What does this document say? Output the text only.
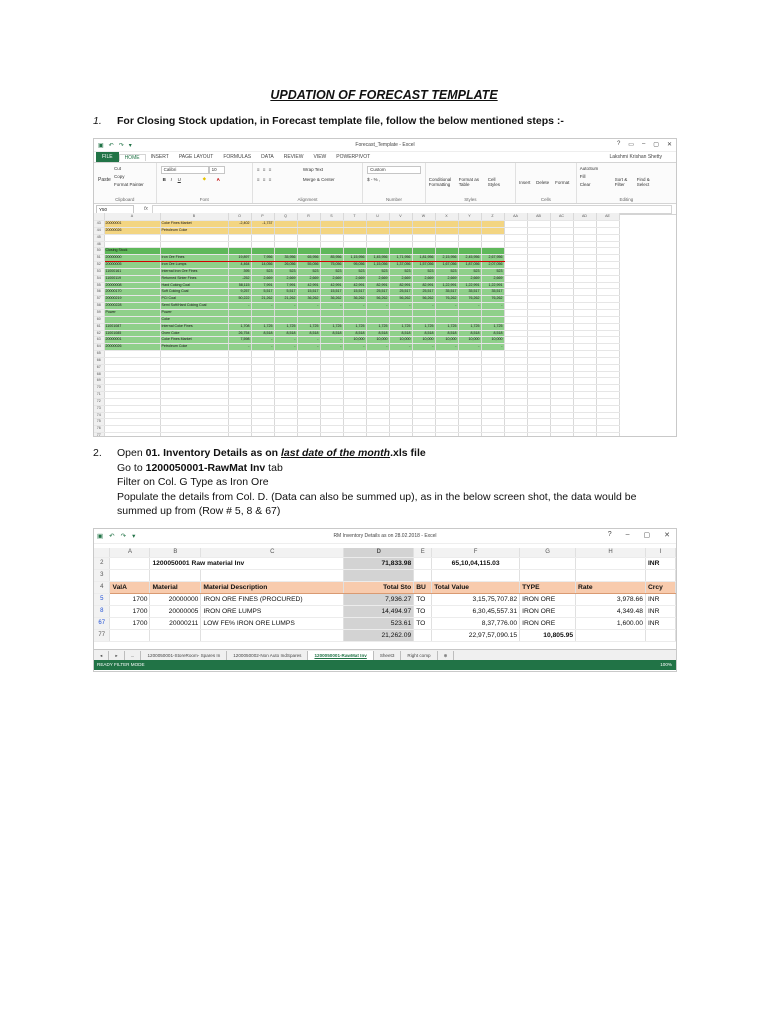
UPDATION OF FORECAST TEMPLATE
1. For Closing Stock updation, in Forecast template file, follow the below mentioned steps :-
▣ ↶ ↷ ▾	Forecast_Template - Excel	? ▭ – ▢ ✕
FILE	HOME	INSERT	PAGE LAYOUT	FORMULAS	DATA	REVIEW	VIEW	POWERPIVOT	Lakshmi Krishan Shetty
Paste
Cut
Copy
Format Painter
Clipboard
Calibri	10
B I U	A
◆
Font
≡ ≡ ≡
≡ ≡ ≡
Wrap Text
Merge & Center
Alignment
Custom
$ - % ,
Number
Conditional Formatting
Format as Table
Cell Styles
Styles
Insert Delete Format
Cells
AutoSum
Fill
Clear
Sort & Filter
Find & Select
Editing
Y50	fx
	A	B	O	P	Q	R	S	T	U	V	W	X	Y	Z	AA	AB	AC	AD	AE
43	20000001	Coke Fines Market	-2,402	-1,737															
44	20000026	Petroleum Coke																	
45																			
46																			
50	Closing Stock																		
51	20000000	Iron Ore Fines	19,897	7,956	35,956	65,956	85,956	1,15,956	1,45,956	1,71,956	1,81,956	2,15,956	2,45,956	2,67,956					
52	20000005	Iron Ore Lumps	4,464	14,056	26,056	55,056	75,056	95,056	1,15,056	1,37,056	1,57,056	1,67,056	1,87,056	2,07,056					
53	11000161	Internal Iron Ore Fines	395	523	523	523	523	523	523	523	523	523	523	523					
54	11000119	Returned Sinter Fines	-252	2,669	2,669	2,669	2,669	2,669	2,669	2,669	2,669	2,669	2,669	2,669					
55	20000008	Hard Coking Coal	58,115	7,991	7,991	42,991	42,991	42,991	82,991	82,991	82,991	1,22,991	1,22,991	1,22,991					
56	20000170	Soft Coking Coal	9,257	5,517	5,517	15,517	15,517	15,517	25,517	25,517	25,517	35,517	35,517	35,517					
57	20000219	PCI Coal	50,222	21,262	21,262	36,262	36,262	36,262	56,262	56,262	56,262	76,262	76,262	76,262					
58	20000228	Semi Soft/Hard Coking Coal	-	-	-	-	-	-	-	-	-	-	-	-					
59	Power	Power																	
60		Coke																	
61	11001087	Internal Coke Fines	1,708	1,725	1,725	1,725	1,725	1,725	1,725	1,725	1,725	1,725	1,725	1,725					
62	11001085	Oven Coke	26,754	8,518	8,518	8,518	8,518	8,518	8,518	8,518	8,518	8,518	8,518	8,518					
63	20000001	Coke Fines Market	7,598	-	-	-	-	10,000	10,000	10,000	10,000	10,000	10,000	10,000					
64	20000026	Petroleum Coke	-	-	-	-	-	-	-	-	-	-	-	-					
65																			
66																			
67																			
68																			
69																			
70																			
71																			
72																			
73																			
74																			
75																			
76																			
77																			

2. Open 01. Inventory Details as on last date of the month.xls file
Go to 1200050001-RawMat Inv tab
Filter on Col. G Type as Iron Ore
Populate the details from Col. D. (Data can also be summed up), as in the below screen shot, the data would be
summed up from (Row # 5, 8 & 67)
▣ ↶ ↷ ▾	RM Inventory Details as on 28.02.2018 - Excel	? – ▢ ✕
	A	B	C	D	E	F	G	H	I
2		1200050001 Raw material Inv		71,833.98		65,10,04,115.03			INR
3									
4	ValA	Material	Material Description	Total Sto	BU	Total Value	TYPE	Rate	Crcy
5	1700	20000000	IRON ORE FINES (PROCURED)	7,936.27	TO	3,15,75,707.82	IRON ORE	3,978.66	INR
8	1700	20000005	IRON ORE LUMPS	14,494.97	TO	6,30,45,557.31	IRON ORE	4,349.48	INR
67	1700	20000211	LOW FE% IRON ORE LUMPS	523.61	TO	8,37,776.00	IRON ORE	1,600.00	INR
77				21,262.09		22,97,57,090.15	10,805.95		
◂	▸	...	1200050001-StoreRoom- Spares In	1200050002-Non Auto IndSpares	1200050001-RawMat Inv	Sheet3	Right comp	⊕
READY FILTER MODE	100%
